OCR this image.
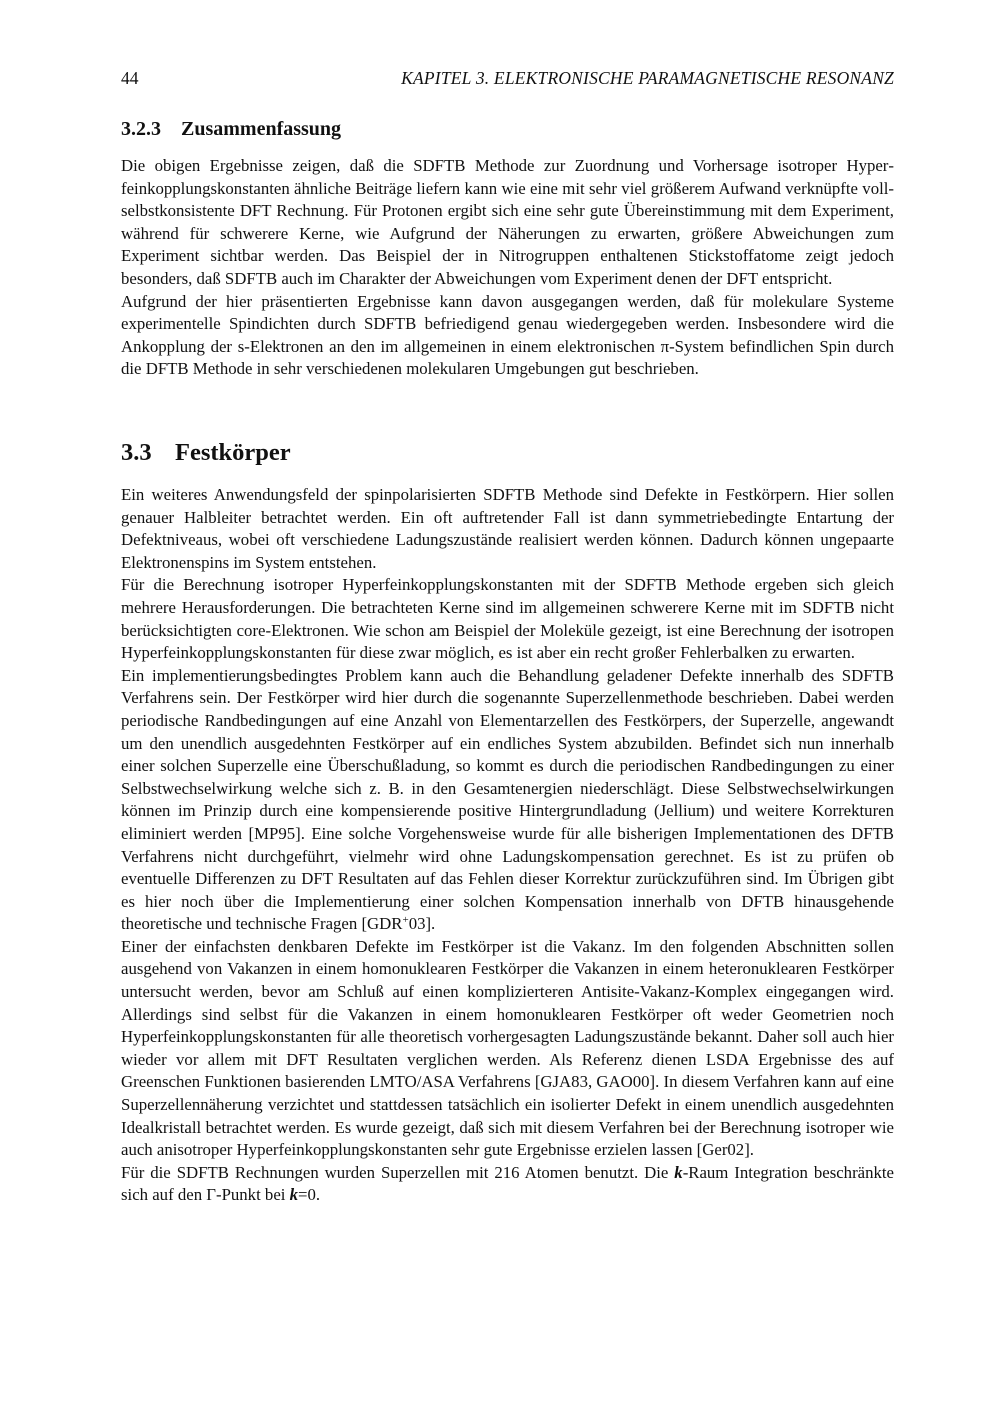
44	KAPITEL 3. ELEKTRONISCHE PARAMAGNETISCHE RESONANZ
3.2.3 Zusammenfassung

Die obigen Ergebnisse zeigen, daß die SDFTB Methode zur Zuordnung und Vorhersage isotroper Hyperfeinkopplungskonstanten ähnliche Beiträge liefern kann wie eine mit sehr viel größerem Aufwand verknüpfte voll-selbstkonsistente DFT Rechnung. Für Protonen ergibt sich eine sehr gute Übereinstimmung mit dem Experiment, während für schwerere Kerne, wie Aufgrund der Näherungen zu erwarten, größere Abweichungen zum Experiment sichtbar werden. Das Beispiel der in Nitrogruppen enthaltenen Stickstoffatome zeigt jedoch besonders, daß SDFTB auch im Charakter der Abweichungen vom Experiment denen der DFT entspricht.

Aufgrund der hier präsentierten Ergebnisse kann davon ausgegangen werden, daß für molekulare Systeme experimentelle Spindichten durch SDFTB befriedigend genau wiedergegeben werden. Insbesondere wird die Ankopplung der s-Elektronen an den im allgemeinen in einem elektronischen π-System befindlichen Spin durch die DFTB Methode in sehr verschiedenen molekularen Umgebungen gut beschrieben.

3.3 Festkörper

Ein weiteres Anwendungsfeld der spinpolarisierten SDFTB Methode sind Defekte in Festkörpern. Hier sollen genauer Halbleiter betrachtet werden. Ein oft auftretender Fall ist dann symmetriebedingte Entartung der Defektniveaus, wobei oft verschiedene Ladungszustände realisiert werden können. Dadurch können ungepaarte Elektronenspins im System entstehen.

Für die Berechnung isotroper Hyperfeinkopplungskonstanten mit der SDFTB Methode ergeben sich gleich mehrere Herausforderungen. Die betrachteten Kerne sind im allgemeinen schwerere Kerne mit im SDFTB nicht berücksichtigten core-Elektronen. Wie schon am Beispiel der Moleküle gezeigt, ist eine Berechnung der isotropen Hyperfeinkopplungskonstanten für diese zwar möglich, es ist aber ein recht großer Fehlerbalken zu erwarten.

Ein implementierungsbedingtes Problem kann auch die Behandlung geladener Defekte innerhalb des SDFTB Verfahrens sein. Der Festkörper wird hier durch die sogenannte Superzellenmethode beschrieben. Dabei werden periodische Randbedingungen auf eine Anzahl von Elementarzellen des Festkörpers, der Superzelle, angewandt um den unendlich ausgedehnten Festkörper auf ein endliches System abzubilden. Befindet sich nun innerhalb einer solchen Superzelle eine Überschußladung, so kommt es durch die periodischen Randbedingungen zu einer Selbstwechselwirkung welche sich z. B. in den Gesamtenergien niederschlägt. Diese Selbstwechselwirkungen können im Prinzip durch eine kompensierende positive Hintergrundladung (Jellium) und weitere Korrekturen eliminiert werden [MP95]. Eine solche Vorgehensweise wurde für alle bisherigen Implementationen des DFTB Verfahrens nicht durchgeführt, vielmehr wird ohne Ladungskompensation gerechnet. Es ist zu prüfen ob eventuelle Differenzen zu DFT Resultaten auf das Fehlen dieser Korrektur zurückzuführen sind. Im Übrigen gibt es hier noch über die Implementierung einer solchen Kompensation innerhalb von DFTB hinausgehende theoretische und technische Fragen [GDR+03].

Einer der einfachsten denkbaren Defekte im Festkörper ist die Vakanz. Im den folgenden Abschnitten sollen ausgehend von Vakanzen in einem homonuklearen Festkörper die Vakanzen in einem heteronuklearen Festkörper untersucht werden, bevor am Schluß auf einen komplizierteren Antisite-Vakanz-Komplex eingegangen wird. Allerdings sind selbst für die Vakanzen in einem homonuklearen Festkörper oft weder Geometrien noch Hyperfeinkopplungskonstanten für alle theoretisch vorhergesagten Ladungszustände bekannt. Daher soll auch hier wieder vor allem mit DFT Resultaten verglichen werden. Als Referenz dienen LSDA Ergebnisse des auf Greenschen Funktionen basierenden LMTO/ASA Verfahrens [GJA83, GAO00]. In diesem Verfahren kann auf eine Superzellennäherung verzichtet und stattdessen tatsächlich ein isolierter Defekt in einem unendlich ausgedehnten Idealkristall betrachtet werden. Es wurde gezeigt, daß sich mit diesem Verfahren bei der Berechnung isotroper wie auch anisotroper Hyperfeinkopplungskonstanten sehr gute Ergebnisse erzielen lassen [Ger02].

Für die SDFTB Rechnungen wurden Superzellen mit 216 Atomen benutzt. Die k-Raum Integration beschränkte sich auf den Γ-Punkt bei k=0.
